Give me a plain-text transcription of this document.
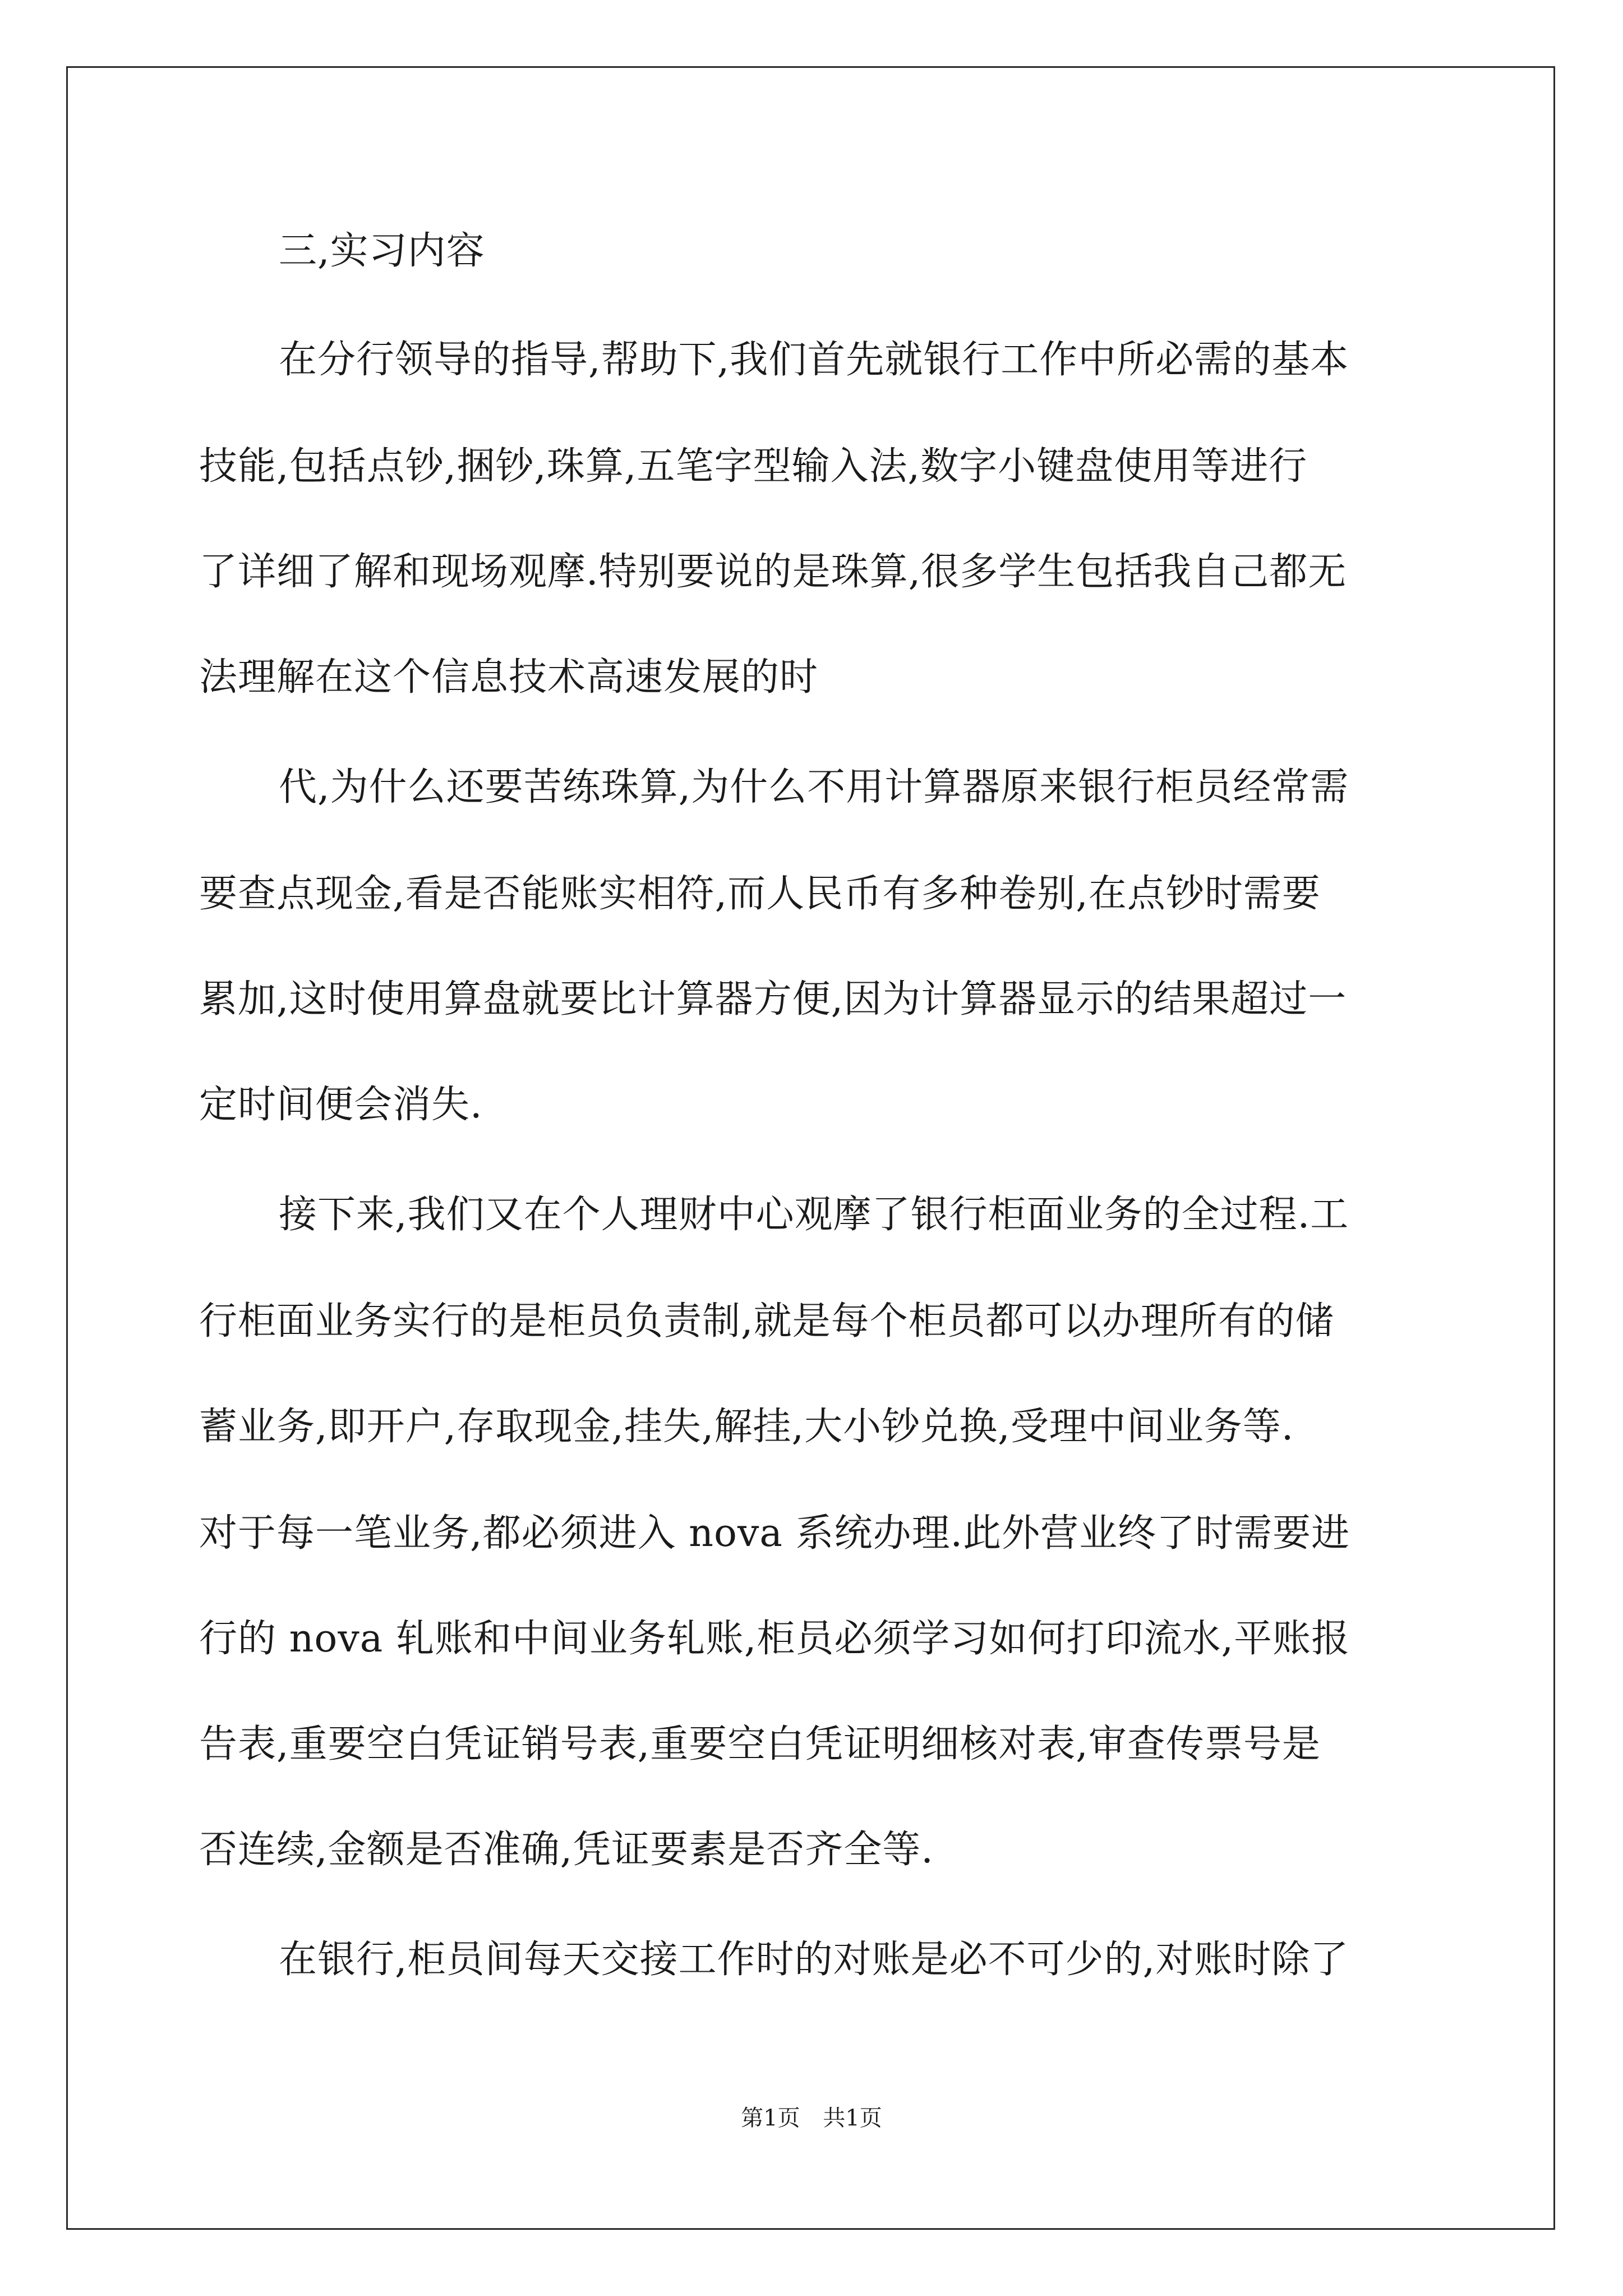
三,实习内容
在分行领导的指导,帮助下,我们首先就银行工作中所必需的基本
技能,包括点钞,捆钞,珠算,五笔字型输入法,数字小键盘使用等进行
了详细了解和现场观摩.特别要说的是珠算,很多学生包括我自己都无
法理解在这个信息技术高速发展的时
代,为什么还要苦练珠算,为什么不用计算器原来银行柜员经常需
要查点现金,看是否能账实相符,而人民币有多种卷别,在点钞时需要
累加,这时使用算盘就要比计算器方便,因为计算器显示的结果超过一
定时间便会消失.
接下来,我们又在个人理财中心观摩了银行柜面业务的全过程.工
行柜面业务实行的是柜员负责制,就是每个柜员都可以办理所有的储
蓄业务,即开户,存取现金,挂失,解挂,大小钞兑换,受理中间业务等.
对于每一笔业务,都必须进入 nova 系统办理.此外营业终了时需要进
行的 nova 轧账和中间业务轧账,柜员必须学习如何打印流水,平账报
告表,重要空白凭证销号表,重要空白凭证明细核对表,审查传票号是
否连续,金额是否准确,凭证要素是否齐全等.
在银行,柜员间每天交接工作时的对账是必不可少的,对账时除了
第1页 共1页
